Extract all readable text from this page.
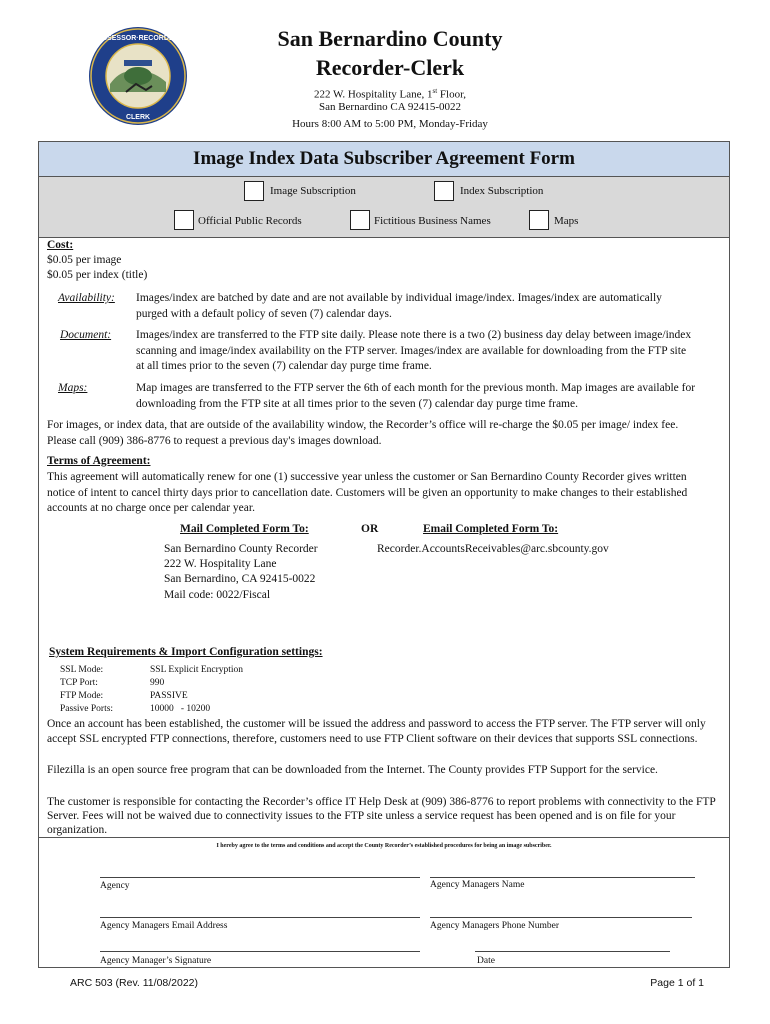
ASSESSOR·RECORDER
CLERK
San Bernardino County
Recorder-Clerk
222 W. Hospitality Lane, 1st Floor,
San Bernardino CA 92415-0022
Hours 8:00 AM to 5:00 PM, Monday-Friday
Image Index Data Subscriber Agreement Form
Image Subscription	Index Subscription
Official Public Records	Fictitious Business Names	Maps
Cost:
$0.05 per image
$0.05 per index (title)
Availability: Images/index are batched by date and are not available by individual image/index. Images/index are automatically purged with a default policy of seven (7) calendar days.
Document: Images/index are transferred to the FTP site daily. Please note there is a two (2) business day delay between image/index scanning and image/index availability on the FTP server. Images/index are available for downloading from the FTP site at all times prior to the seven (7) calendar day purge time frame.
Maps:	Map images are transferred to the FTP server the 6th of each month for the previous month. Map images are available for downloading from the FTP site at all times prior to the seven (7) calendar day purge time frame.
For images, or index data, that are outside of the availability window, the Recorder’s office will re-charge the $0.05 per image/ index fee. Please call (909) 386-8776 to request a previous day's images download.
Terms of Agreement:
This agreement will automatically renew for one (1) successive year unless the customer or San Bernardino County Recorder gives written notice of intent to cancel thirty days prior to cancellation date. Customers will be given an opportunity to make changes to their established accounts at no charge once per calendar year.
Mail Completed Form To:	OR	Email Completed Form To:
San Bernardino County Recorder
222 W. Hospitality Lane
San Bernardino, CA 92415-0022
Mail code: 0022/Fiscal
Recorder.AccountsReceivables@arc.sbcounty.gov
System Requirements & Import Configuration settings:
SSL Mode:	SSL Explicit Encryption
TCP Port:	990
FTP Mode:	PASSIVE
Passive Ports:	10000   - 10200
Once an account has been established, the customer will be issued the address and password to access the FTP server. The FTP server will only accept SSL encrypted FTP connections, therefore, customers need to use FTP Client software on their devices that supports SSL connections.
Filezilla is an open source free program that can be downloaded from the Internet. The County provides FTP Support for the service.
The customer is responsible for contacting the Recorder’s office IT Help Desk at (909) 386-8776 to report problems with connectivity to the FTP Server. Fees will not be waived due to connectivity issues to the FTP site unless a service request has been opened and is on file for your organization.
I hereby agree to the terms and conditions and accept the County Recorder’s established procedures for being an image subscriber.
Agency	Agency Managers Name
Agency Managers Email Address	Agency Managers Phone Number
Agency Manager’s Signature	Date
ARC 503 (Rev. 11/08/2022)	Page 1 of 1
